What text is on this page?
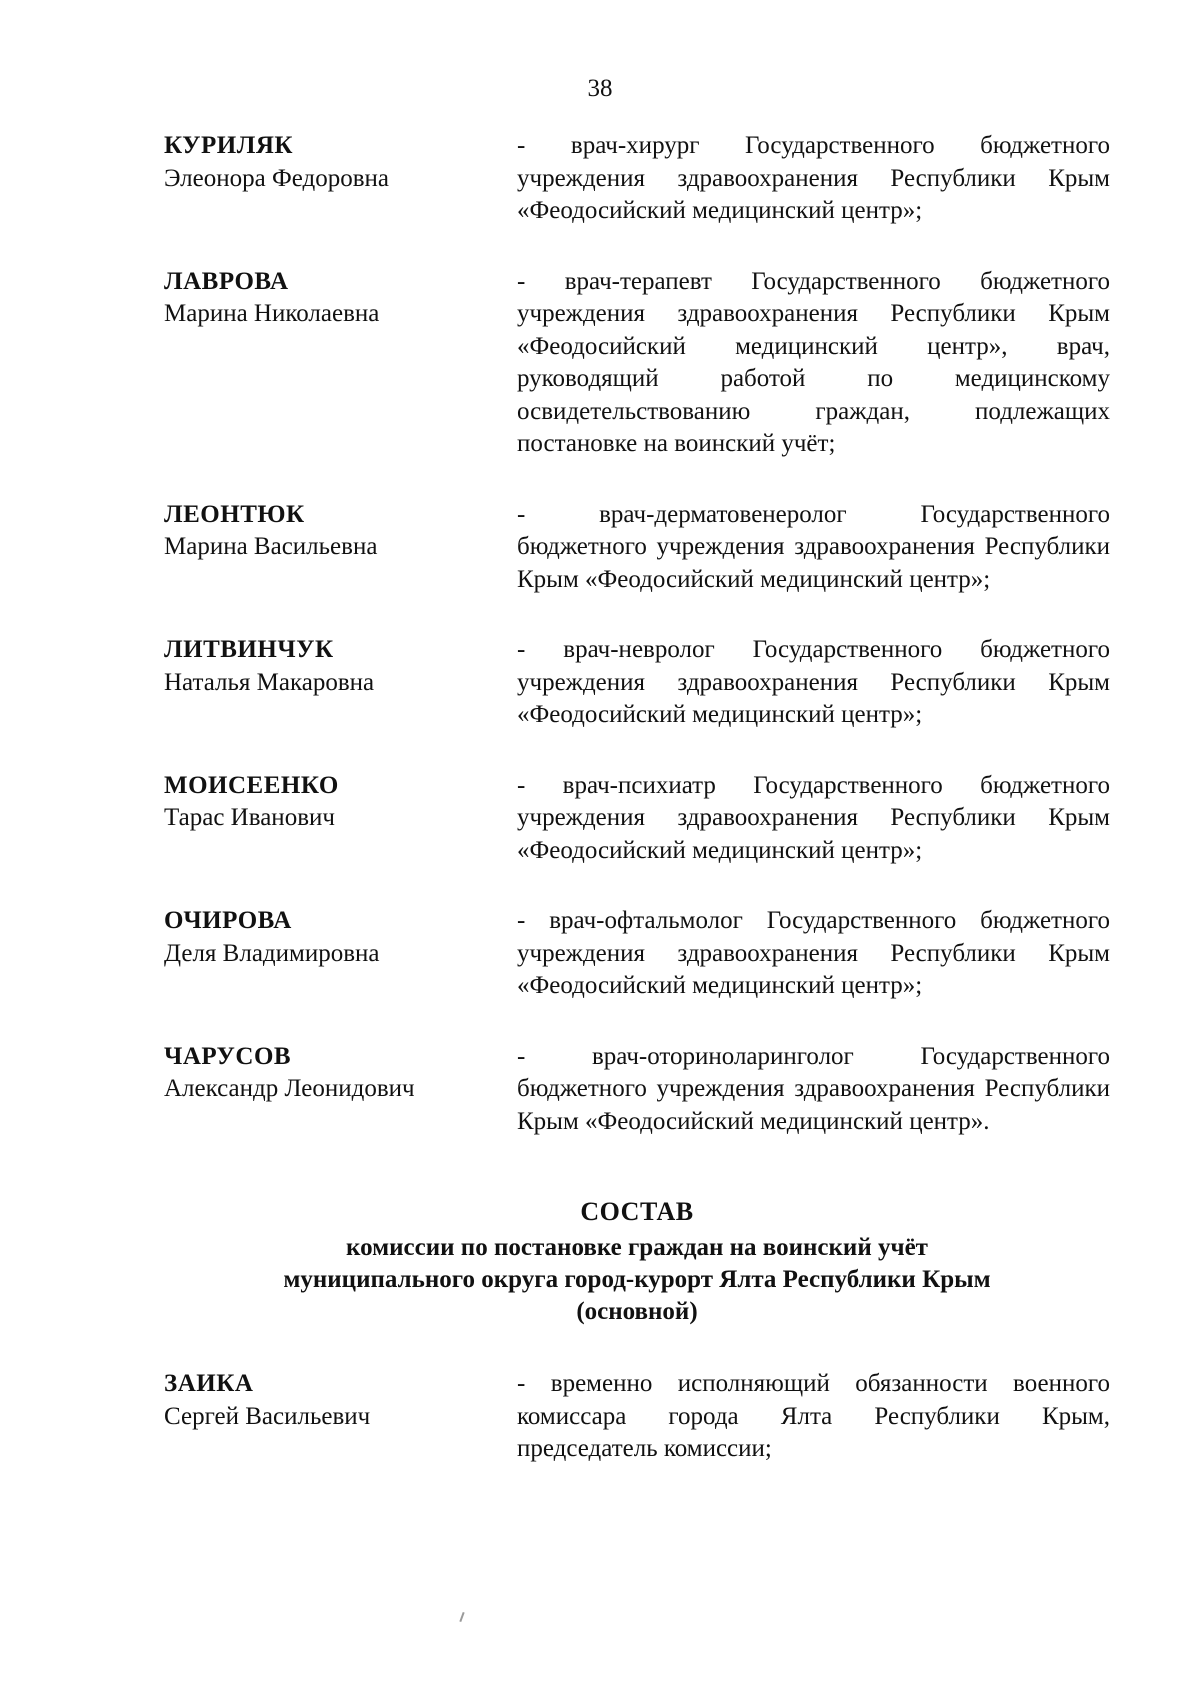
38
КУРИЛЯК
Элеонора Федоровна
- врач-хирург Государственного бюджетного учреждения здравоохранения Республики Крым «Феодосийский медицинский центр»;
ЛАВРОВА
Марина Николаевна
- врач-терапевт Государственного бюджетного учреждения здравоохранения Республики Крым «Феодосийский медицинский центр», врач, руководящий работой по медицинскому освидетельствованию граждан, подлежащих постановке на воинский учёт;
ЛЕОНТЮК
Марина Васильевна
- врач-дерматовенеролог Государственного бюджетного учреждения здравоохранения Республики Крым «Феодосийский медицинский центр»;
ЛИТВИНЧУК
Наталья Макаровна
- врач-невролог Государственного бюджетного учреждения здравоохранения Республики Крым «Феодосийский медицинский центр»;
МОИСЕЕНКО
Тарас Иванович
- врач-психиатр Государственного бюджетного учреждения здравоохранения Республики Крым «Феодосийский медицинский центр»;
ОЧИРОВА
Деля Владимировна
- врач-офтальмолог Государственного бюджетного учреждения здравоохранения Республики Крым «Феодосийский медицинский центр»;
ЧАРУСОВ
Александр Леонидович
- врач-оториноларинголог Государственного бюджетного учреждения здравоохранения Республики Крым «Феодосийский медицинский центр».
СОСТАВ
комиссии по постановке граждан на воинский учёт
муниципального округа город-курорт Ялта Республики Крым
(основной)
ЗАИКА
Сергей Васильевич
- временно исполняющий обязанности военного комиссара города Ялта Республики Крым, председатель комиссии;
